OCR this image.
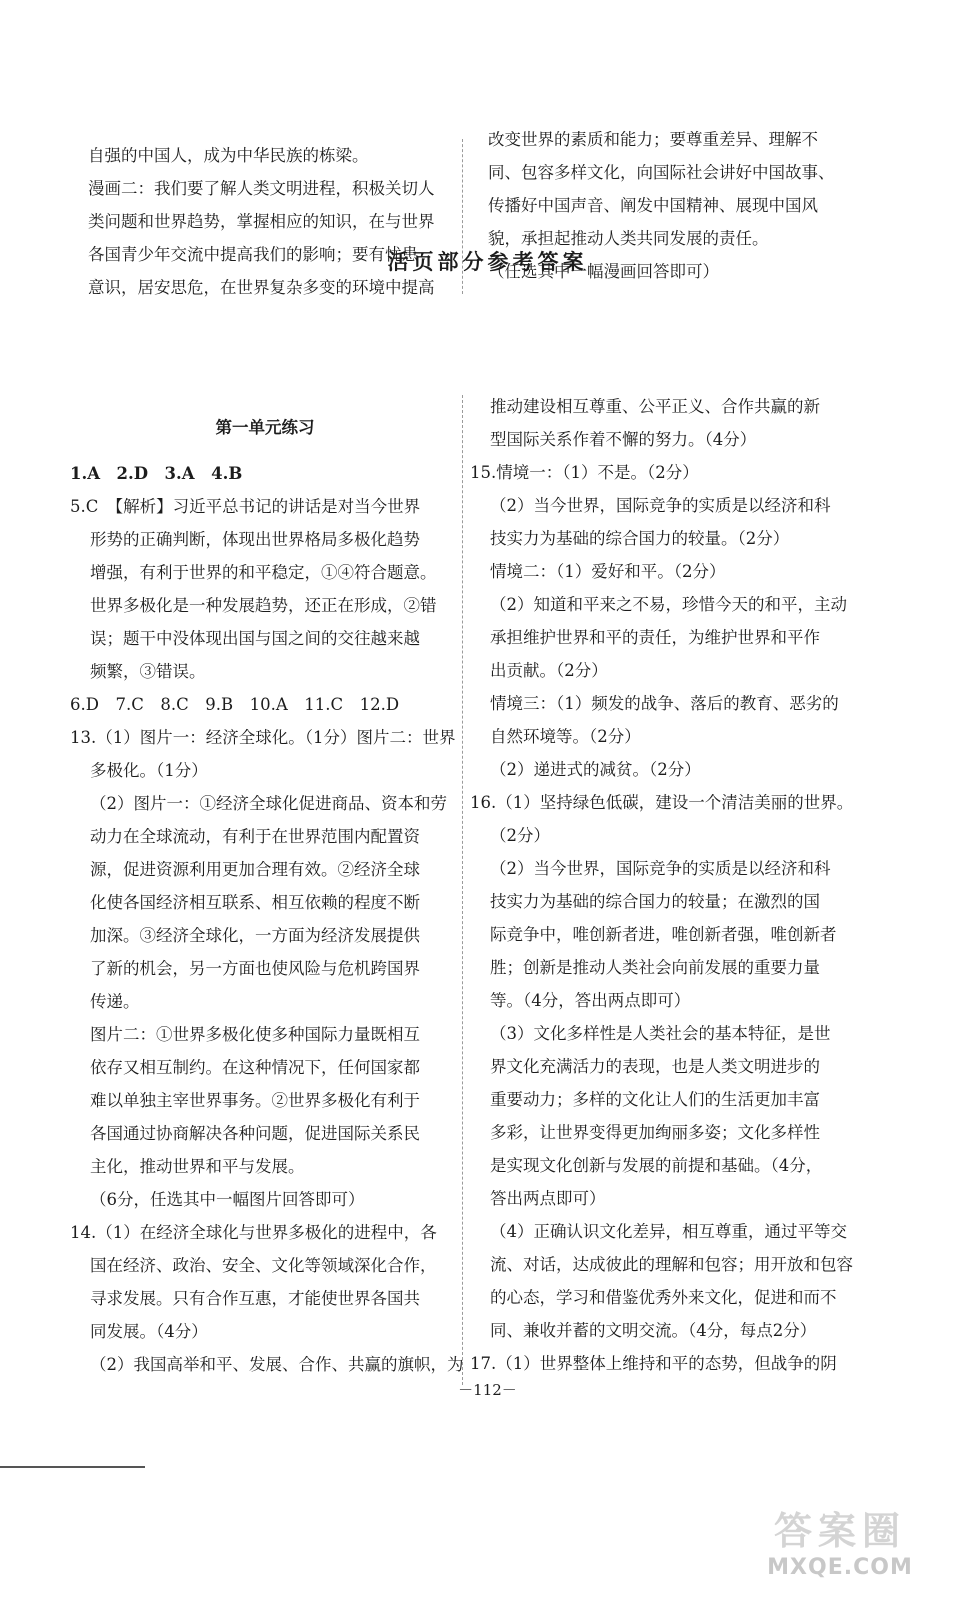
自强的中国人，成为中华民族的栋梁。
漫画二：我们要了解人类文明进程，积极关切人
类问题和世界趋势，掌握相应的知识，在与世界
各国青少年交流中提高我们的影响；要有忧患
意识，居安思危，在世界复杂多变的环境中提高
改变世界的素质和能力；要尊重差异、理解不
同、包容多样文化，向国际社会讲好中国故事、
传播好中国声音、阐发中国精神、展现中国风
貌，承担起推动人类共同发展的责任。
（任选其中一幅漫画回答即可）
活页部分参考答案
第一单元练习
1.A　2.D　3.A　4.B
5.C　【解析】习近平总书记的讲话是对当今世界
形势的正确判断，体现出世界格局多极化趋势
增强，有利于世界的和平稳定，①④符合题意。
世界多极化是一种发展趋势，还正在形成，②错
误；题干中没体现出国与国之间的交往越来越
频繁，③错误。
6.D　7.C　8.C　9.B　10.A　11.C　12.D
13.（1）图片一：经济全球化。（1分）图片二：世界
多极化。（1分）
（2）图片一：①经济全球化促进商品、资本和劳
动力在全球流动，有利于在世界范围内配置资
源，促进资源利用更加合理有效。②经济全球
化使各国经济相互联系、相互依赖的程度不断
加深。③经济全球化，一方面为经济发展提供
了新的机会，另一方面也使风险与危机跨国界
传递。
图片二：①世界多极化使多种国际力量既相互
依存又相互制约。在这种情况下，任何国家都
难以单独主宰世界事务。②世界多极化有利于
各国通过协商解决各种问题，促进国际关系民
主化，推动世界和平与发展。
（6分，任选其中一幅图片回答即可）
14.（1）在经济全球化与世界多极化的进程中，各
国在经济、政治、安全、文化等领域深化合作，
寻求发展。只有合作互惠，才能使世界各国共
同发展。（4分）
（2）我国高举和平、发展、合作、共赢的旗帜，为
推动建设相互尊重、公平正义、合作共赢的新
型国际关系作着不懈的努力。（4分）
15.情境一：（1）不是。（2分）
（2）当今世界，国际竞争的实质是以经济和科
技实力为基础的综合国力的较量。（2分）
情境二：（1）爱好和平。（2分）
（2）知道和平来之不易，珍惜今天的和平，主动
承担维护世界和平的责任，为维护世界和平作
出贡献。（2分）
情境三：（1）频发的战争、落后的教育、恶劣的
自然环境等。（2分）
（2）递进式的减贫。（2分）
16.（1）坚持绿色低碳，建设一个清洁美丽的世界。
（2分）
（2）当今世界，国际竞争的实质是以经济和科
技实力为基础的综合国力的较量；在激烈的国
际竞争中，唯创新者进，唯创新者强，唯创新者
胜；创新是推动人类社会向前发展的重要力量
等。（4分，答出两点即可）
（3）文化多样性是人类社会的基本特征，是世
界文化充满活力的表现，也是人类文明进步的
重要动力；多样的文化让人们的生活更加丰富
多彩，让世界变得更加绚丽多姿；文化多样性
是实现文化创新与发展的前提和基础。（4分，
答出两点即可）
（4）正确认识文化差异，相互尊重，通过平等交
流、对话，达成彼此的理解和包容；用开放和包容
的心态，学习和借鉴优秀外来文化，促进和而不
同、兼收并蓄的文明交流。（4分，每点2分）
17.（1）世界整体上维持和平的态势，但战争的阴
－112－
答案圈
MXQE.COM
